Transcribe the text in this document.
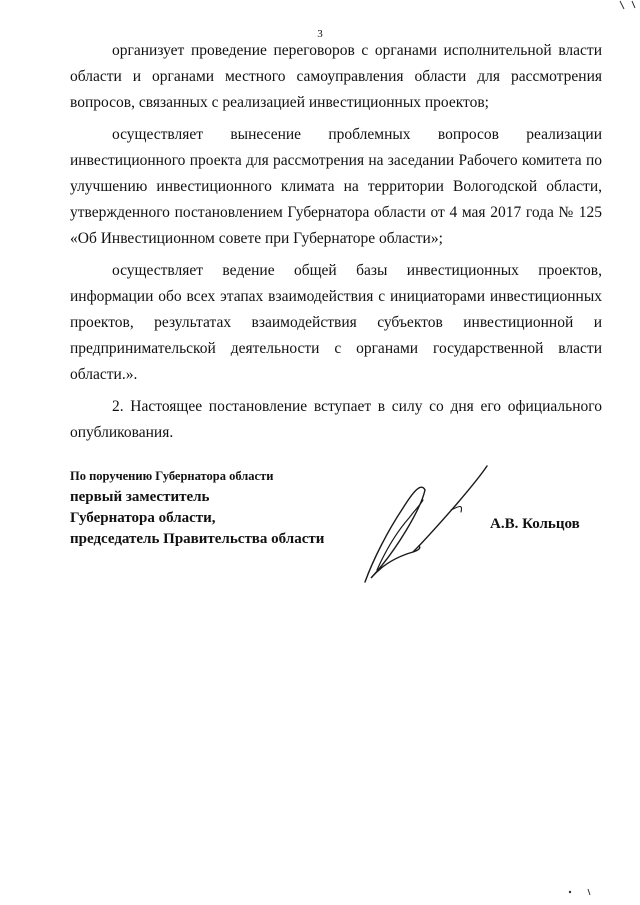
3

организует проведение переговоров с органами исполнительной власти области и органами местного самоуправления области для рассмотрения вопросов, связанных с реализацией инвестиционных проектов;

осуществляет вынесение проблемных вопросов реализации инвестиционного проекта для рассмотрения на заседании Рабочего комитета по улучшению инвестиционного климата на территории Вологодской области, утвержденного постановлением Губернатора области от 4 мая 2017 года № 125 «Об Инвестиционном совете при Губернаторе области»;

осуществляет ведение общей базы инвестиционных проектов, информации обо всех этапах взаимодействия с инициаторами инвестиционных проектов, результатах взаимодействия субъектов инвестиционной и предпринимательской деятельности с органами государственной власти области.».

2. Настоящее постановление вступает в силу со дня его официального опубликования.

По поручению Губернатора области
первый заместитель
Губернатора области,
председатель Правительства области
А.В. Кольцов
